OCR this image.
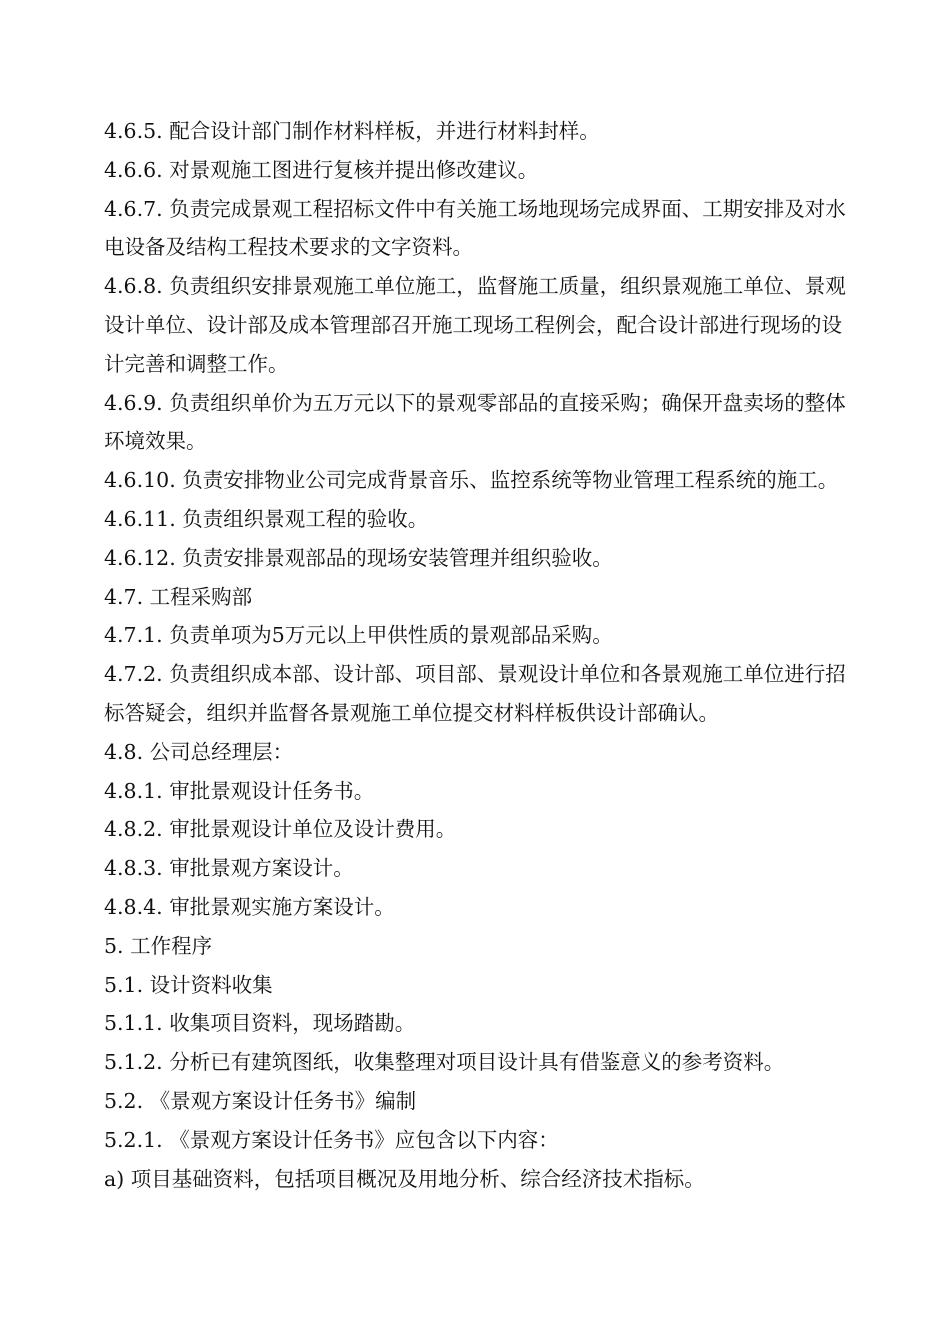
4.6.5. 配合设计部门制作材料样板，并进行材料封样。

4.6.6. 对景观施工图进行复核并提出修改建议。

4.6.7. 负责完成景观工程招标文件中有关施工场地现场完成界面、工期安排及对水电设备及结构工程技术要求的文字资料。

4.6.8. 负责组织安排景观施工单位施工，监督施工质量，组织景观施工单位、景观设计单位、设计部及成本管理部召开施工现场工程例会，配合设计部进行现场的设计完善和调整工作。

4.6.9. 负责组织单价为五万元以下的景观零部品的直接采购；确保开盘卖场的整体环境效果。

4.6.10. 负责安排物业公司完成背景音乐、监控系统等物业管理工程系统的施工。

4.6.11. 负责组织景观工程的验收。

4.6.12. 负责安排景观部品的现场安装管理并组织验收。

4.7. 工程采购部

4.7.1. 负责单项为5万元以上甲供性质的景观部品采购。

4.7.2. 负责组织成本部、设计部、项目部、景观设计单位和各景观施工单位进行招标答疑会，组织并监督各景观施工单位提交材料样板供设计部确认。

4.8. 公司总经理层：

4.8.1. 审批景观设计任务书。

4.8.2. 审批景观设计单位及设计费用。

4.8.3. 审批景观方案设计。

4.8.4. 审批景观实施方案设计。

5. 工作程序

5.1. 设计资料收集

5.1.1. 收集项目资料，现场踏勘。

5.1.2. 分析已有建筑图纸，收集整理对项目设计具有借鉴意义的参考资料。

5.2. 《景观方案设计任务书》编制

5.2.1. 《景观方案设计任务书》应包含以下内容：

a) 项目基础资料，包括项目概况及用地分析、综合经济技术指标。
